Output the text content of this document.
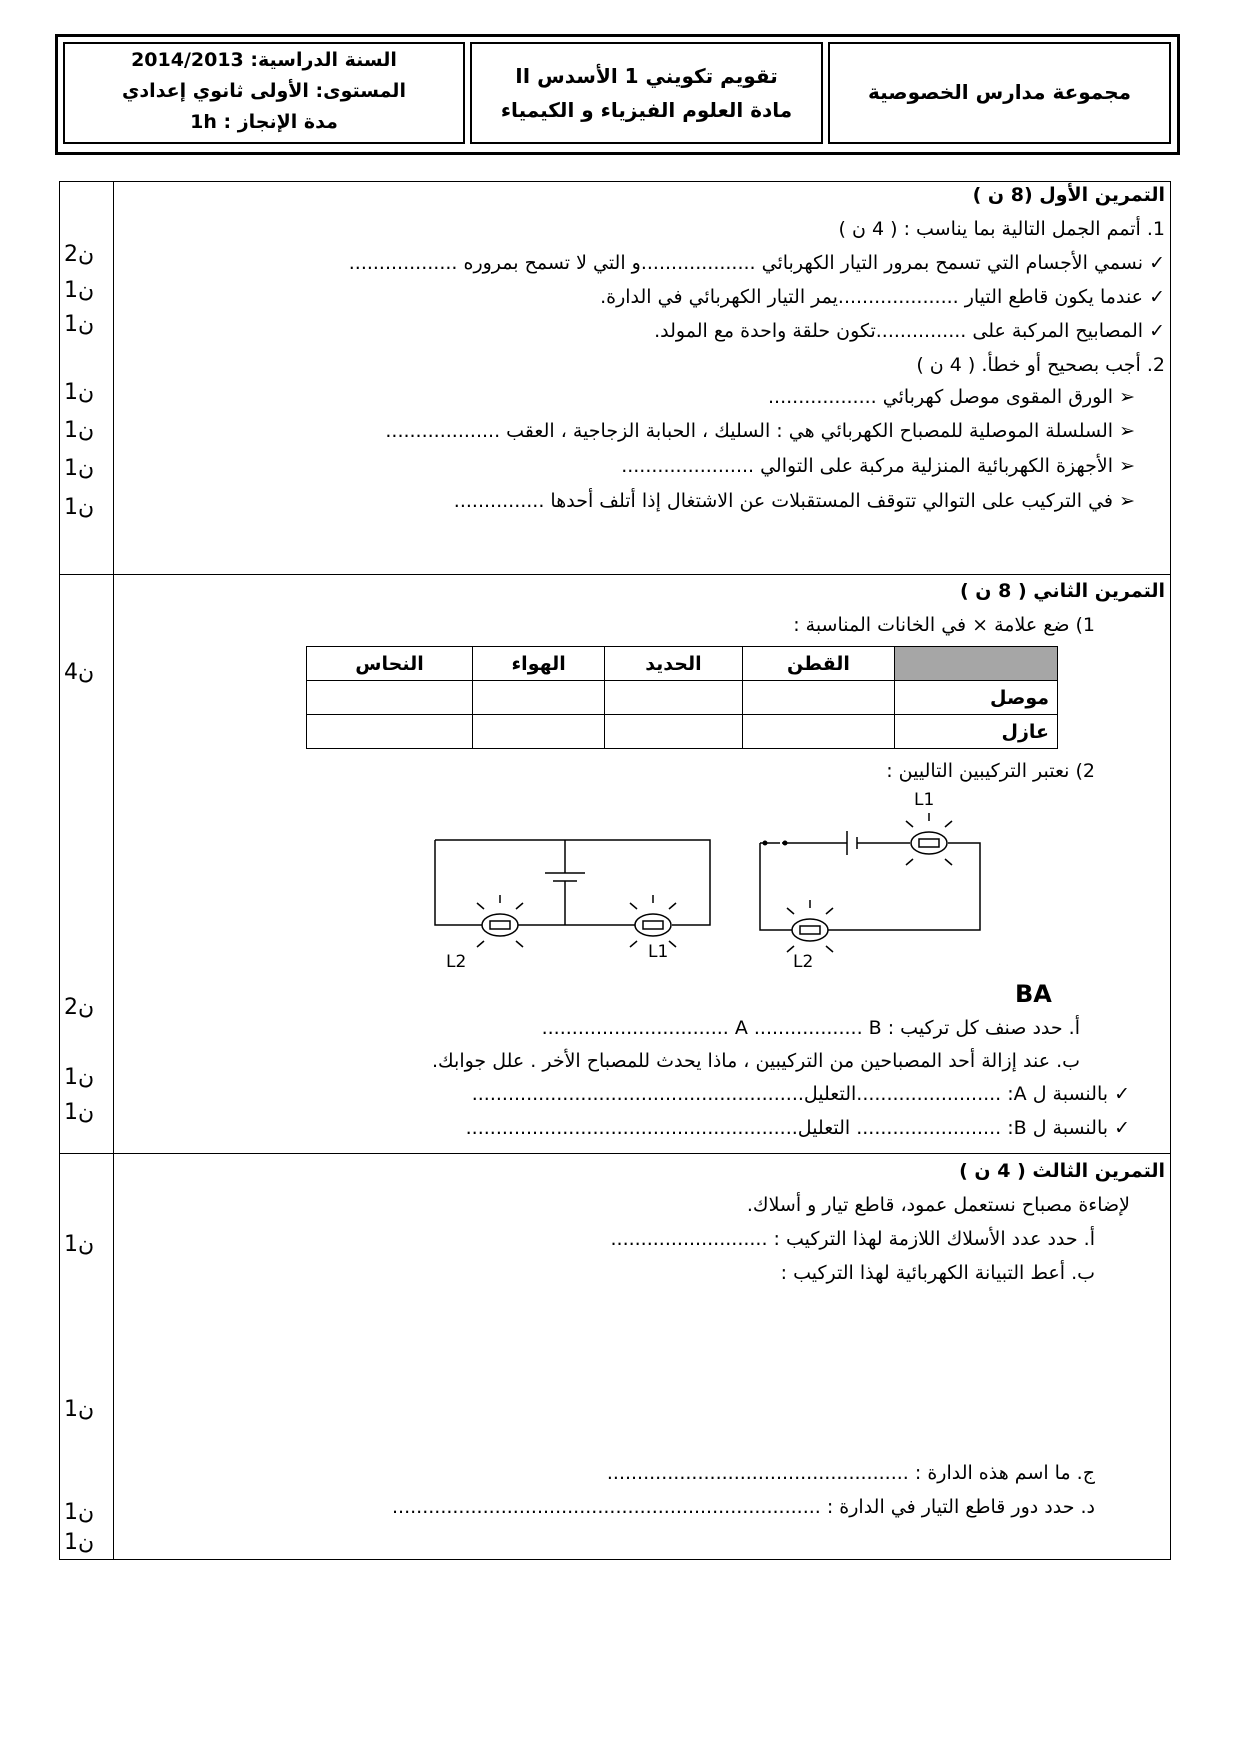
السنة الدراسية: 2014/2013
المستوى: الأولى ثانوي إعدادي
مدة الإنجاز : 1h
تقويم تكويني 1 الأسدس II
مادة العلوم الفيزياء و الكيمياء
مجموعة مدارس الخصوصية
2ن
1ن
1ن
1ن
1ن
1ن
1ن
التمرين الأول (8 ن )
1. أتمم الجمل التالية بما يناسب : ( 4 ن )
✓ نسمي الأجسام التي تسمح بمرور التيار الكهربائي ...................و التي لا تسمح بمروره ..................
✓ عندما يكون قاطع التيار ....................يمر التيار الكهربائي في الدارة.
✓ المصابيح المركبة على ...............تكون حلقة واحدة مع المولد.
2. أجب بصحيح أو خطأ. ( 4 ن )
➢ الورق المقوى موصل كهربائي ..................
➢ السلسلة الموصلية للمصباح الكهربائي هي : السليك ، الحبابة الزجاجية ، العقب ...................
➢ الأجهزة الكهربائية المنزلية مركبة على التوالي ......................
➢ في التركيب على التوالي تتوقف المستقبلات عن الاشتغال إذا أتلف أحدها ...............
4ن
2ن
1ن
1ن
التمرين الثاني ( 8 ن )
1) ضع علامة × في الخانات المناسبة :
النحاس	الهواء	الحديد	القطن	
				موصل
				عازل
2) نعتبر التركيبين التاليين :
L1
L2	L1	L2
BA
أ. حدد صنف كل تركيب : A .................. B ...............................
ب. عند إزالة أحد المصباحين من التركيبين ، ماذا يحدث للمصباح الأخر . علل جوابك.
✓ بالنسبة ل A: ........................التعليل.......................................................
✓ بالنسبة ل B: ........................ التعليل.......................................................
1ن
1ن
1ن
1ن
التمرين الثالث ( 4 ن )
لإضاءة مصباح نستعمل عمود، قاطع تيار و أسلاك.
أ. حدد عدد الأسلاك اللازمة لهذا التركيب : ..........................
ب. أعط التبيانة الكهربائية لهذا التركيب :
ج. ما اسم هذه الدارة : ..................................................
د. حدد دور قاطع التيار في الدارة : .......................................................................
